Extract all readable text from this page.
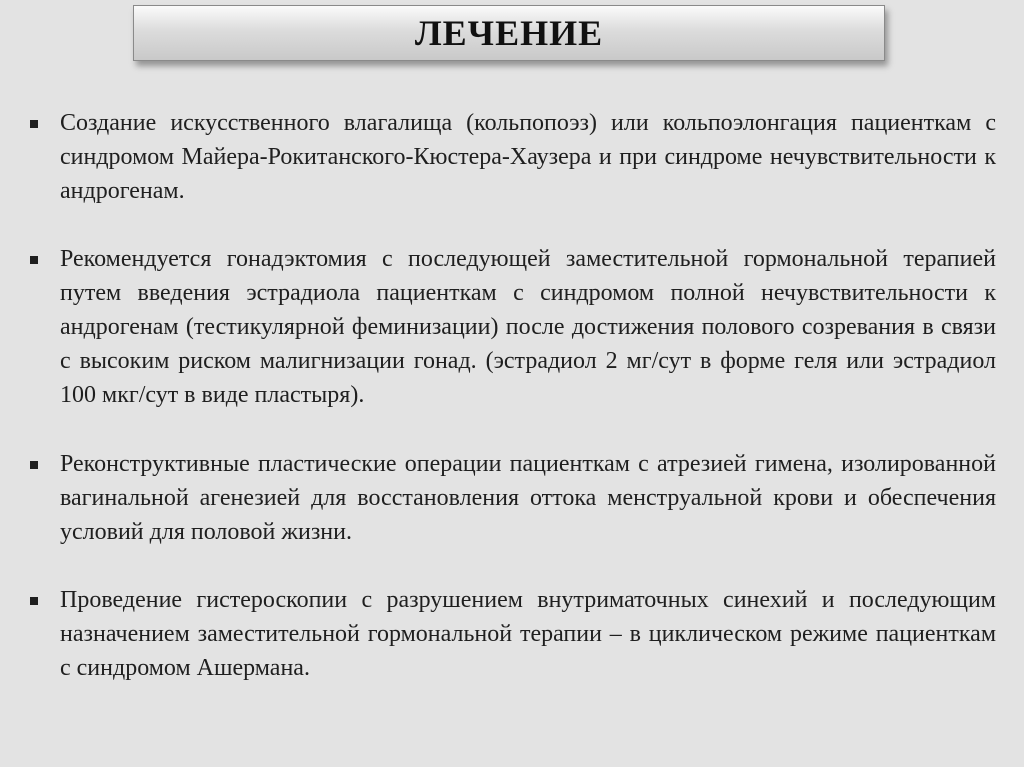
ЛЕЧЕНИЕ
Создание искусственного влагалища (кольпопоэз) или кольпоэлонгация пациенткам с синдромом Майера-Рокитанского-Кюстера-Хаузера и при синдроме нечувствительности к андрогенам.
Рекомендуется гонадэктомия с последующей заместительной гормональной терапией путем введения эстрадиола пациенткам с синдромом полной нечувствительности к андрогенам (тестикулярной феминизации) после достижения полового созревания в связи с высоким риском малигнизации гонад. (эстрадиол 2 мг/сут в форме геля или эстрадиол 100 мкг/сут в виде пластыря).
Реконструктивные пластические операции пациенткам с атрезией гимена, изолированной вагинальной агенезией для восстановления оттока менструальной крови и обеспечения условий для половой жизни.
Проведение гистероскопии с разрушением внутриматочных синехий и последующим назначением заместительной гормональной терапии – в циклическом режиме пациенткам с синдромом Ашермана.
